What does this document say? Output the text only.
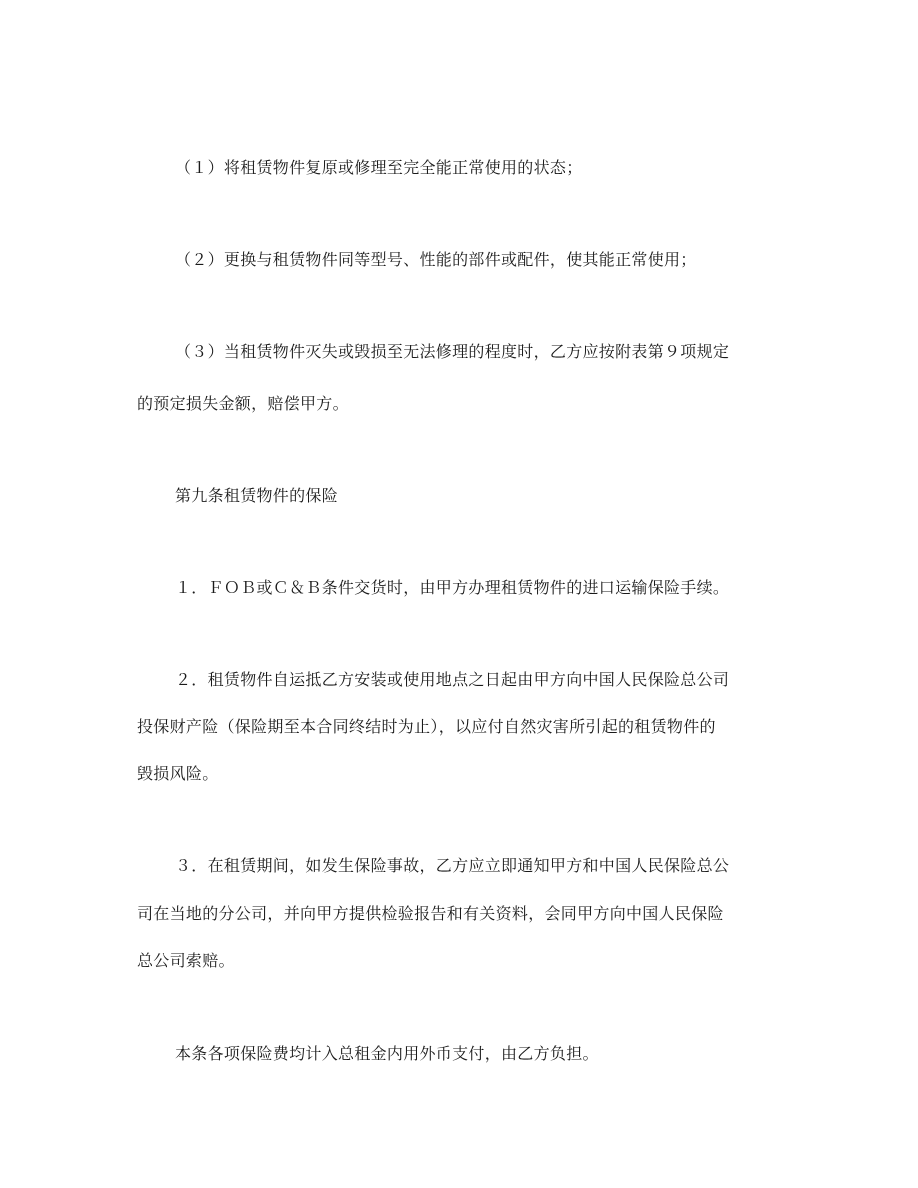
（１）将租赁物件复原或修理至完全能正常使用的状态；
（２）更换与租赁物件同等型号、性能的部件或配件，使其能正常使用；
（３）当租赁物件灭失或毁损至无法修理的程度时，乙方应按附表第９项规定
的预定损失金额，赔偿甲方。
第九条租赁物件的保险
１．ＦＯＢ或Ｃ＆Ｂ条件交货时，由甲方办理租赁物件的进口运输保险手续。
２．租赁物件自运抵乙方安装或使用地点之日起由甲方向中国人民保险总公司
投保财产险（保险期至本合同终结时为止），以应付自然灾害所引起的租赁物件的
毁损风险。
３．在租赁期间，如发生保险事故，乙方应立即通知甲方和中国人民保险总公
司在当地的分公司，并向甲方提供检验报告和有关资料，会同甲方向中国人民保险
总公司索赔。
本条各项保险费均计入总租金内用外币支付，由乙方负担。
